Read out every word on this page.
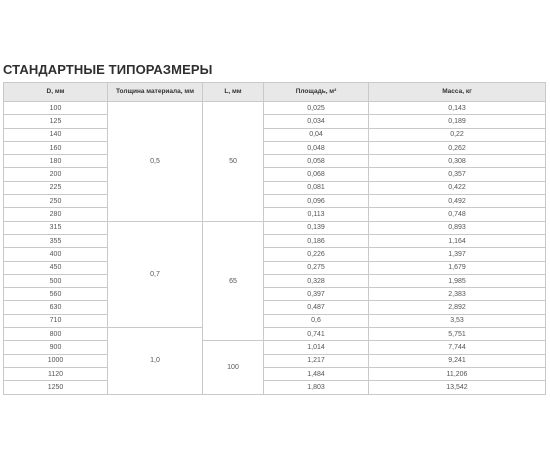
СТАНДАРТНЫЕ ТИПОРАЗМЕРЫ
D, мм	Толщина материала, мм	L, мм	Площадь, м²	Масса, кг
100	0,5	50	0,025	0,143
125			0,034	0,189
140			0,04	0,22
160			0,048	0,262
180			0,058	0,308
200			0,068	0,357
225			0,081	0,422
250			0,096	0,492
280			0,113	0,748
315	0,7	65	0,139	0,893
355			0,186	1,164
400			0,226	1,397
450			0,275	1,679
500			0,328	1,985
560			0,397	2,383
630			0,487	2,892
710			0,6	3,53
800	1,0		0,741	5,751
900		100	1,014	7,744
1000			1,217	9,241
1120			1,484	11,206
1250			1,803	13,542
